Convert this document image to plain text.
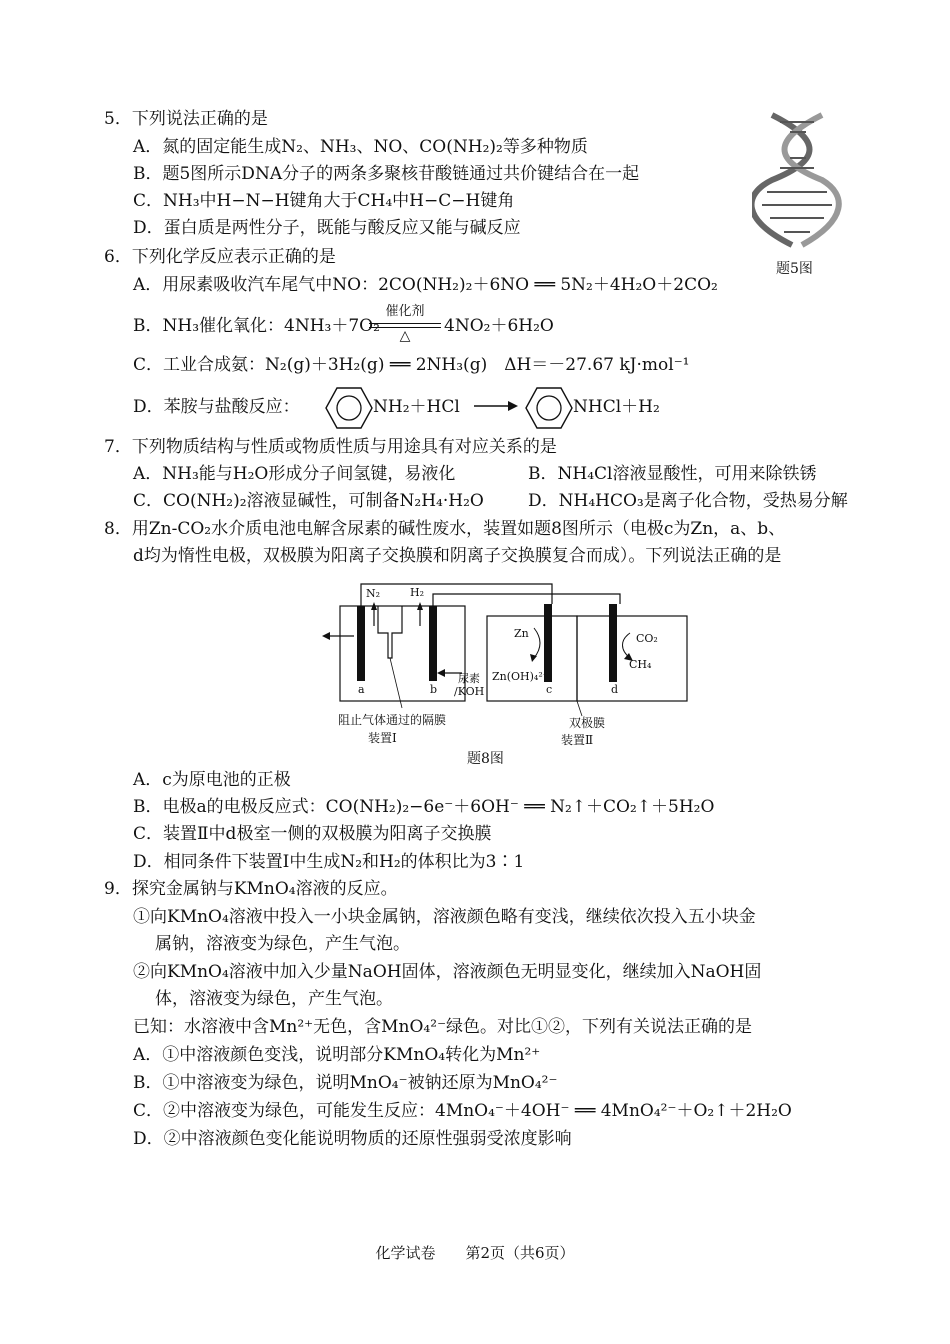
5．下列说法正确的是
A．氮的固定能生成N₂、NH₃、NO、CO(NH₂)₂等多种物质
B．题5图所示DNA分子的两条多聚核苷酸链通过共价键结合在一起
C．NH₃中H−N−H键角大于CH₄中H−C−H键角
D．蛋白质是两性分子，既能与酸反应又能与碱反应
题5图
6．下列化学反应表示正确的是
A．用尿素吸收汽车尾气中NO：2CO(NH₂)₂＋6NO ══ 5N₂＋4H₂O＋2CO₂
B．NH₃催化氧化：4NH₃＋7O₂
催化剂
△	4NO₂＋6H₂O
C．工业合成氨：N₂(g)＋3H₂(g) ══ 2NH₃(g)　ΔH＝－27.67 kJ·mol⁻¹
D．苯胺与盐酸反应：	NH₂＋HCl →	NHCl＋H₂
7．下列物质结构与性质或物质性质与用途具有对应关系的是
A．NH₃能与H₂O形成分子间氢键，易液化	B．NH₄Cl溶液显酸性，可用来除铁锈
C．CO(NH₂)₂溶液显碱性，可制备N₂H₄·H₂O	D．NH₄HCO₃是离子化合物，受热易分解
8．用Zn-CO₂水介质电池电解含尿素的碱性废水，装置如题8图所示（电极c为Zn，a、b、
d均为惰性电极，双极膜为阳离子交换膜和阴离子交换膜复合而成）。下列说法正确的是
N₂	H₂
a	b	c	d
尿素
/KOH
Zn
Zn(OH)₄²⁻
CO₂
CH₄
阻止气体通过的隔膜
装置Ⅰ
双极膜
装置Ⅱ
题8图
A．c为原电池的正极
B．电极a的电极反应式：CO(NH₂)₂−6e⁻＋6OH⁻ ══ N₂↑＋CO₂↑＋5H₂O
C．装置Ⅱ中d极室一侧的双极膜为阳离子交换膜
D．相同条件下装置Ⅰ中生成N₂和H₂的体积比为3∶1
9．探究金属钠与KMnO₄溶液的反应。
①向KMnO₄溶液中投入一小块金属钠，溶液颜色略有变浅，继续依次投入五小块金
属钠，溶液变为绿色，产生气泡。
②向KMnO₄溶液中加入少量NaOH固体，溶液颜色无明显变化，继续加入NaOH固
体，溶液变为绿色，产生气泡。
已知：水溶液中含Mn²⁺无色，含MnO₄²⁻绿色。对比①②，下列有关说法正确的是
A．①中溶液颜色变浅，说明部分KMnO₄转化为Mn²⁺
B．①中溶液变为绿色，说明MnO₄⁻被钠还原为MnO₄²⁻
C．②中溶液变为绿色，可能发生反应：4MnO₄⁻＋4OH⁻ ══ 4MnO₄²⁻＋O₂↑＋2H₂O
D．②中溶液颜色变化能说明物质的还原性强弱受浓度影响
化学试卷　　第2页（共6页）
